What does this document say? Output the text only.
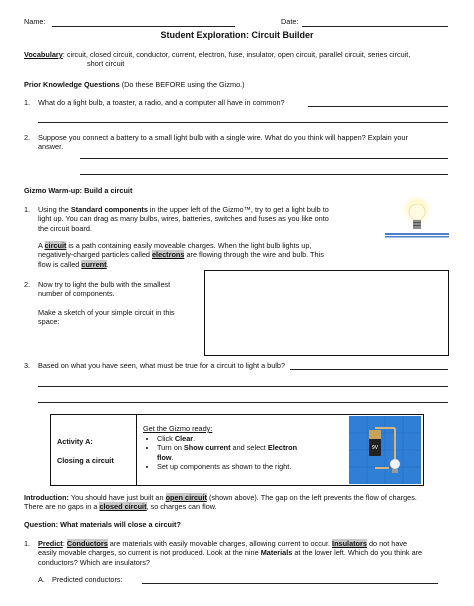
Name:	Date:
Student Exploration: Circuit Builder
Vocabulary: circuit, closed circuit, conductor, current, electron, fuse, insulator, open circuit, parallel circuit, series circuit,
short circuit
Prior Knowledge Questions (Do these BEFORE using the Gizmo.)
1. What do a light bulb, a toaster, a radio, and a computer all have in common?
2. Suppose you connect a battery to a small light bulb with a single wire. What do you think will happen? Explain your
answer.
Gizmo Warm-up: Build a circuit
1. Using the Standard components in the upper left of the Gizmo™, try to get a light bulb to
light up. You can drag as many bulbs, wires, batteries, switches and fuses as you like onto
the circuit board.
A circuit is a path containing easily moveable charges. When the light bulb lights up,
negatively-charged particles called electrons are flowing through the wire and bulb. This
flow is called current.
2. Now try to light the bulb with the smallest
number of components.
Make a sketch of your simple circuit in this
space:
3. Based on what you have seen, what must be true for a circuit to light a bulb?
Activity A:
Closing a circuit
Get the Gizmo ready:
• Click Clear.
• Turn on Show current and select Electron
flow.
• Set up components as shown to the right.
9V
Introduction: You should have just built an open circuit (shown above). The gap on the left prevents the flow of charges.
There are no gaps in a closed circuit, so charges can flow.
Question: What materials will close a circuit?
1. Predict: Conductors are materials with easily movable charges, allowing current to occur. Insulators do not have
easily movable charges, so current is not produced. Look at the nine Materials at the lower left. Which do you think are
conductors? Which are insulators?
A. Predicted conductors:
